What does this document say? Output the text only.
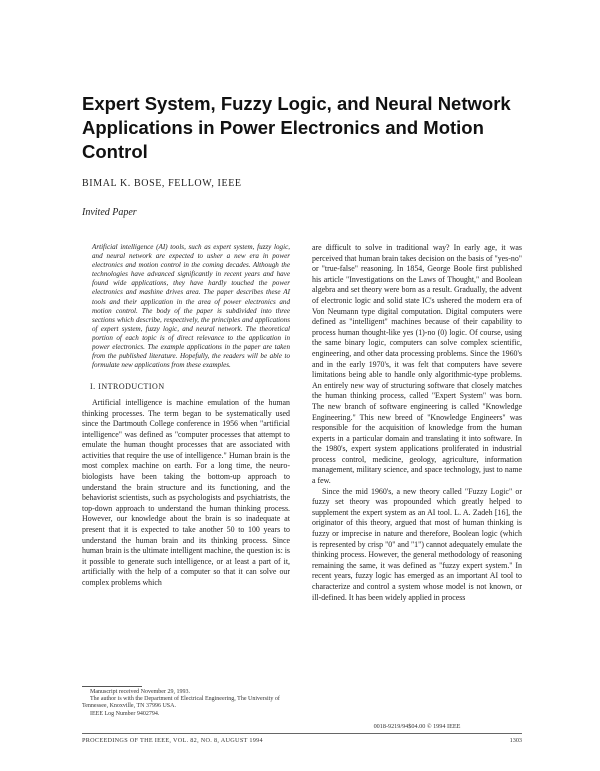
Expert System, Fuzzy Logic, and Neural Network Applications in Power Electronics and Motion Control
BIMAL K. BOSE, FELLOW, IEEE
Invited Paper

Artificial intelligence (AI) tools, such as expert system, fuzzy logic, and neural network are expected to usher a new era in power electronics and motion control in the coming decades. Although the technologies have advanced significantly in recent years and have found wide applications, they have hardly touched the power electronics and mashine drives area. The paper describes these AI tools and their application in the area of power electronics and motion control. The body of the paper is subdivided into three sections which describe, respectively, the principles and applications of expert system, fuzzy logic, and neural network. The theoretical portion of each topic is of direct relevance to the application in power electronics. The example applications in the paper are taken from the published literature. Hopefully, the readers will be able to formulate new applications from these examples.

I. INTRODUCTION

Artificial intelligence is machine emulation of the human thinking processes. The term began to be systematically used since the Dartmouth College conference in 1956 when "artificial intelligence" was defined as "computer processes that attempt to emulate the human thought processes that are associated with activities that require the use of intelligence." Human brain is the most complex machine on earth. For a long time, the neuro-biologists have been taking the bottom-up approach to understand the brain structure and its functioning, and the behaviorist scientists, such as psychologists and psychiatrists, the top-down approach to understand the human thinking process. However, our knowledge about the brain is so inadequate at present that it is expected to take another 50 to 100 years to understand the human brain and its thinking process. Since human brain is the ultimate intelligent machine, the question is: is it possible to generate such intelligence, or at least a part of it, artificially with the help of a computer so that it can solve our complex problems which

are difficult to solve in traditional way? In early age, it was perceived that human brain takes decision on the basis of "yes-no" or "true-false" reasoning. In 1854, George Boole first published his article "Investigations on the Laws of Thought," and Boolean algebra and set theory were born as a result. Gradually, the advent of electronic logic and solid state IC's ushered the modern era of Von Neumann type digital computation. Digital computers were defined as "intelligent" machines because of their capability to process human thought-like yes (1)-no (0) logic. Of course, using the same binary logic, computers can solve complex scientific, engineering, and other data processing problems. Since the 1960's and in the early 1970's, it was felt that computers have severe limitations being able to handle only algorithmic-type problems. An entirely new way of structuring software that closely matches the human thinking process, called "Expert System" was born. The new branch of software engineering is called "Knowledge Engineering." This new breed of "Knowledge Engineers" was responsible for the acquisition of knowledge from the human experts in a particular domain and translating it into software. In the 1980's, expert system applications proliferated in industrial process control, medicine, geology, agriculture, information management, military science, and space technology, just to name a few.

Since the mid 1960's, a new theory called "Fuzzy Logic" or fuzzy set theory was propounded which greatly helped to supplement the expert system as an AI tool. L. A. Zadeh [16], the originator of this theory, argued that most of human thinking is fuzzy or imprecise in nature and therefore, Boolean logic (which is represented by crisp "0" and "1") cannot adequately emulate the thinking process. However, the general methodology of reasoning remaining the same, it was defined as "fuzzy expert system." In recent years, fuzzy logic has emerged as an important AI tool to characterize and control a system whose model is not known, or ill-defined. It has been widely applied in process

Manuscript received November 29, 1993.
The author is with the Department of Electrical Engineering, The University of Tennessee, Knoxville, TN 37996 USA.
IEEE Log Number 9402794.
0018-9219/94$04.00 © 1994 IEEE
PROCEEDINGS OF THE IEEE, VOL. 82, NO. 8, AUGUST 1994	1303
